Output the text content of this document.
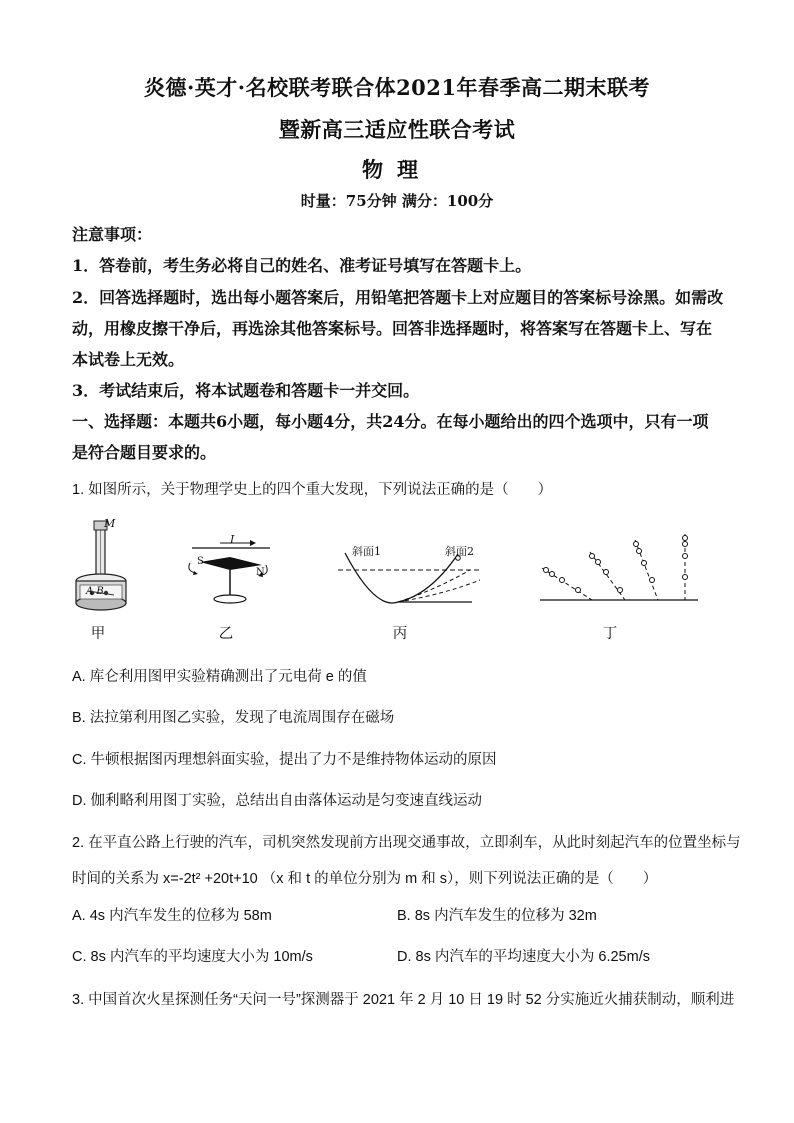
炎德·英才·名校联考联合体2021年春季高二期末联考
暨新高三适应性联合考试
物理
时量：75分钟 满分：100分
注意事项：
1．答卷前，考生务必将自己的姓名、准考证号填写在答题卡上。
2．回答选择题时，选出每小题答案后，用铅笔把答题卡上对应题目的答案标号涂黑。如需改
动，用橡皮擦干净后，再选涂其他答案标号。回答非选择题时，将答案写在答题卡上、写在
本试卷上无效。
3．考试结束后，将本试题卷和答题卡一并交回。
一、选择题：本题共6小题，每小题4分，共24分。在每小题给出的四个选项中，只有一项
是符合题目要求的。
1. 如图所示，关于物理学史上的四个重大发现，下列说法正确的是（　　）
M
A B
I
S
N
斜面1	斜面2
甲	乙	丙	丁
A. 库仑利用图甲实验精确测出了元电荷 e 的值
B. 法拉第利用图乙实验，发现了电流周围存在磁场
C. 牛顿根据图丙理想斜面实验，提出了力不是维持物体运动的原因
D. 伽利略利用图丁实验，总结出自由落体运动是匀变速直线运动
2. 在平直公路上行驶的汽车，司机突然发现前方出现交通事故，立即刹车，从此时刻起汽车的位置坐标与
时间的关系为 x=-2t² +20t+10 （x 和 t 的单位分别为 m 和 s），则下列说法正确的是（　　）
A. 4s 内汽车发生的位移为 58m	B. 8s 内汽车发生的位移为 32m
C. 8s 内汽车的平均速度大小为 10m/s	D. 8s 内汽车的平均速度大小为 6.25m/s
3. 中国首次火星探测任务“天问一号”探测器于 2021 年 2 月 10 日 19 时 52 分实施近火捕获制动，顺利进
